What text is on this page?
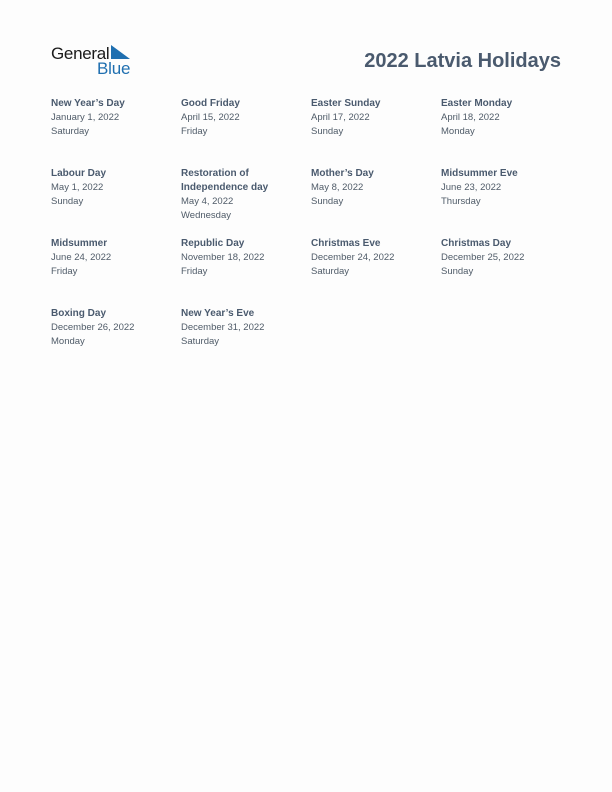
General
Blue	2022 Latvia Holidays
New Year’s Day
January 1, 2022
Saturday
Good Friday
April 15, 2022
Friday
Easter Sunday
April 17, 2022
Sunday
Easter Monday
April 18, 2022
Monday
Labour Day
May 1, 2022
Sunday
Restoration of Independence day
May 4, 2022
Wednesday
Mother’s Day
May 8, 2022
Sunday
Midsummer Eve
June 23, 2022
Thursday
Midsummer
June 24, 2022
Friday
Republic Day
November 18, 2022
Friday
Christmas Eve
December 24, 2022
Saturday
Christmas Day
December 25, 2022
Sunday
Boxing Day
December 26, 2022
Monday
New Year’s Eve
December 31, 2022
Saturday
